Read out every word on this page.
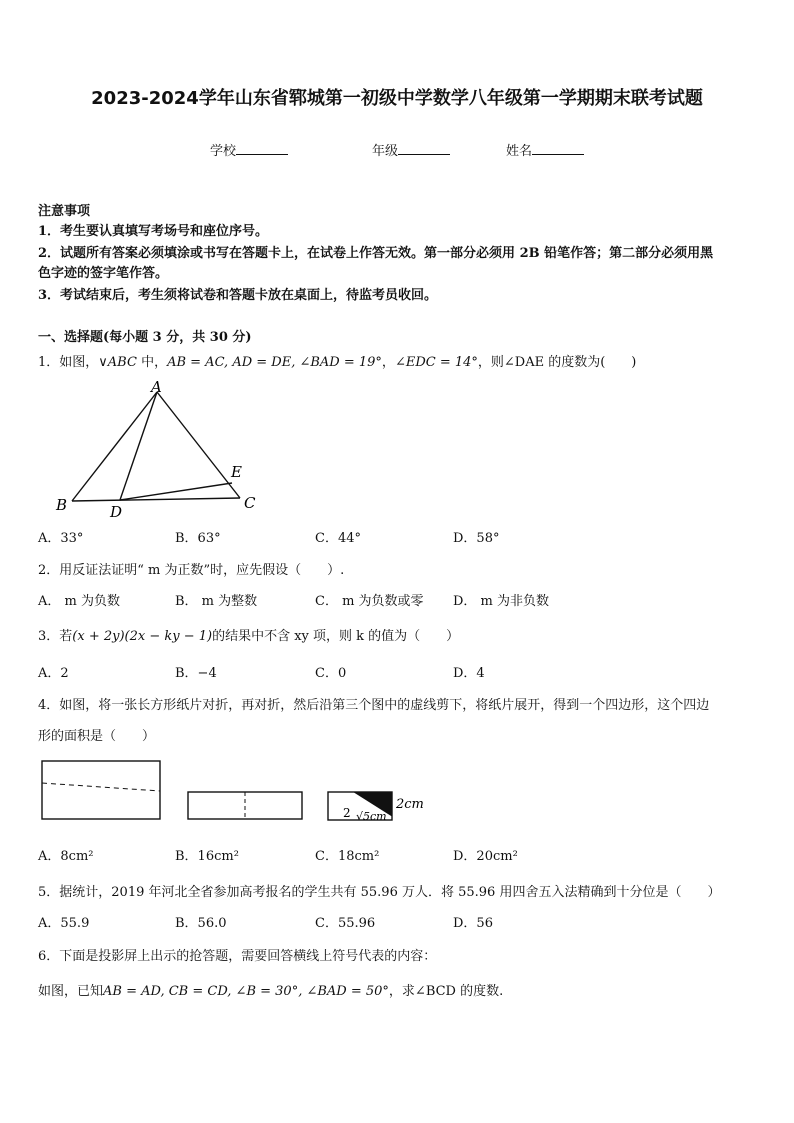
2023-2024学年山东省郓城第一初级中学数学八年级第一学期期末联考试题
学校	年级	姓名
注意事项
1．考生要认真填写考场号和座位序号。
2．试题所有答案必须填涂或书写在答题卡上，在试卷上作答无效。第一部分必须用 2B 铅笔作答；第二部分必须用黑
色字迹的签字笔作答。
3．考试结束后，考生须将试卷和答题卡放在桌面上，待监考员收回。
一、选择题(每小题 3 分，共 30 分)
1．如图，∨ABC 中，AB = AC, AD = DE, ∠BAD = 19°，∠EDC = 14°，则∠DAE 的度数为(　　)
A
B	C
D
E
A．33°	B．63°	C．44°	D．58°
2．用反证法证明“ m 为正数”时，应先假设（　　）.
A． m 为负数	B． m 为整数	C． m 为负数或零 D． m 为非负数
3．若(x + 2y)(2x − ky − 1)的结果中不含 xy 项，则 k 的值为（　　）
A．2	B．−4	C．0	D．4
4．如图，将一张长方形纸片对折，再对折，然后沿第三个图中的虚线剪下，将纸片展开，得到一个四边形，这个四边
形的面积是（　　）
2 √5cm
2cm
A．8cm²	B．16cm²	C．18cm²	D．20cm²
5．据统计，2019 年河北全省参加高考报名的学生共有 55.96 万人．将 55.96 用四舍五入法精确到十分位是（　　）
A．55.9	B．56.0	C．55.96	D．56
6．下面是投影屏上出示的抢答题，需要回答横线上符号代表的内容：
如图，已知AB = AD, CB = CD, ∠B = 30°, ∠BAD = 50°，求∠BCD 的度数.
